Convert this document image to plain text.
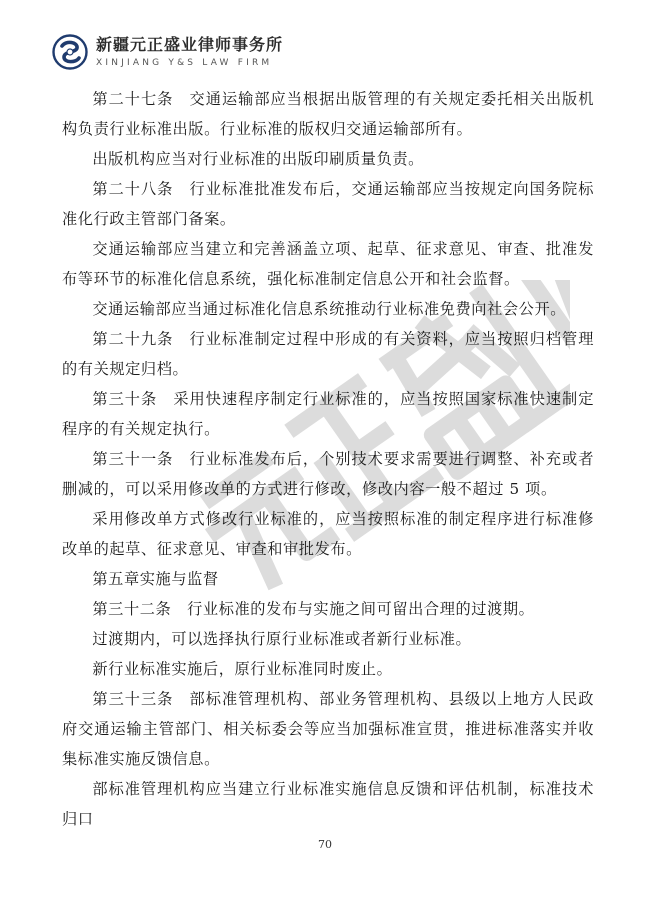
新疆元正盛业律师事务所
XINJIANG Y&S LAW FIRM

第二十七条　交通运输部应当根据出版管理的有关规定委托相关出版机构负责行业标准出版。行业标准的版权归交通运输部所有。

出版机构应当对行业标准的出版印刷质量负责。

第二十八条　行业标准批准发布后，交通运输部应当按规定向国务院标准化行政主管部门备案。

交通运输部应当建立和完善涵盖立项、起草、征求意见、审查、批准发布等环节的标准化信息系统，强化标准制定信息公开和社会监督。

交通运输部应当通过标准化信息系统推动行业标准免费向社会公开。

第二十九条　行业标准制定过程中形成的有关资料，应当按照归档管理的有关规定归档。

第三十条　采用快速程序制定行业标准的，应当按照国家标准快速制定程序的有关规定执行。

第三十一条　行业标准发布后，个别技术要求需要进行调整、补充或者删减的，可以采用修改单的方式进行修改，修改内容一般不超过 5 项。

采用修改单方式修改行业标准的，应当按照标准的制定程序进行标准修改单的起草、征求意见、审查和审批发布。

第五章实施与监督

第三十二条　行业标准的发布与实施之间可留出合理的过渡期。

过渡期内，可以选择执行原行业标准或者新行业标准。

新行业标准实施后，原行业标准同时废止。

第三十三条　部标准管理机构、部业务管理机构、县级以上地方人民政府交通运输主管部门、相关标委会等应当加强标准宣贯，推进标准落实并收集标准实施反馈信息。

部标准管理机构应当建立行业标准实施信息反馈和评估机制，标准技术归口

70
